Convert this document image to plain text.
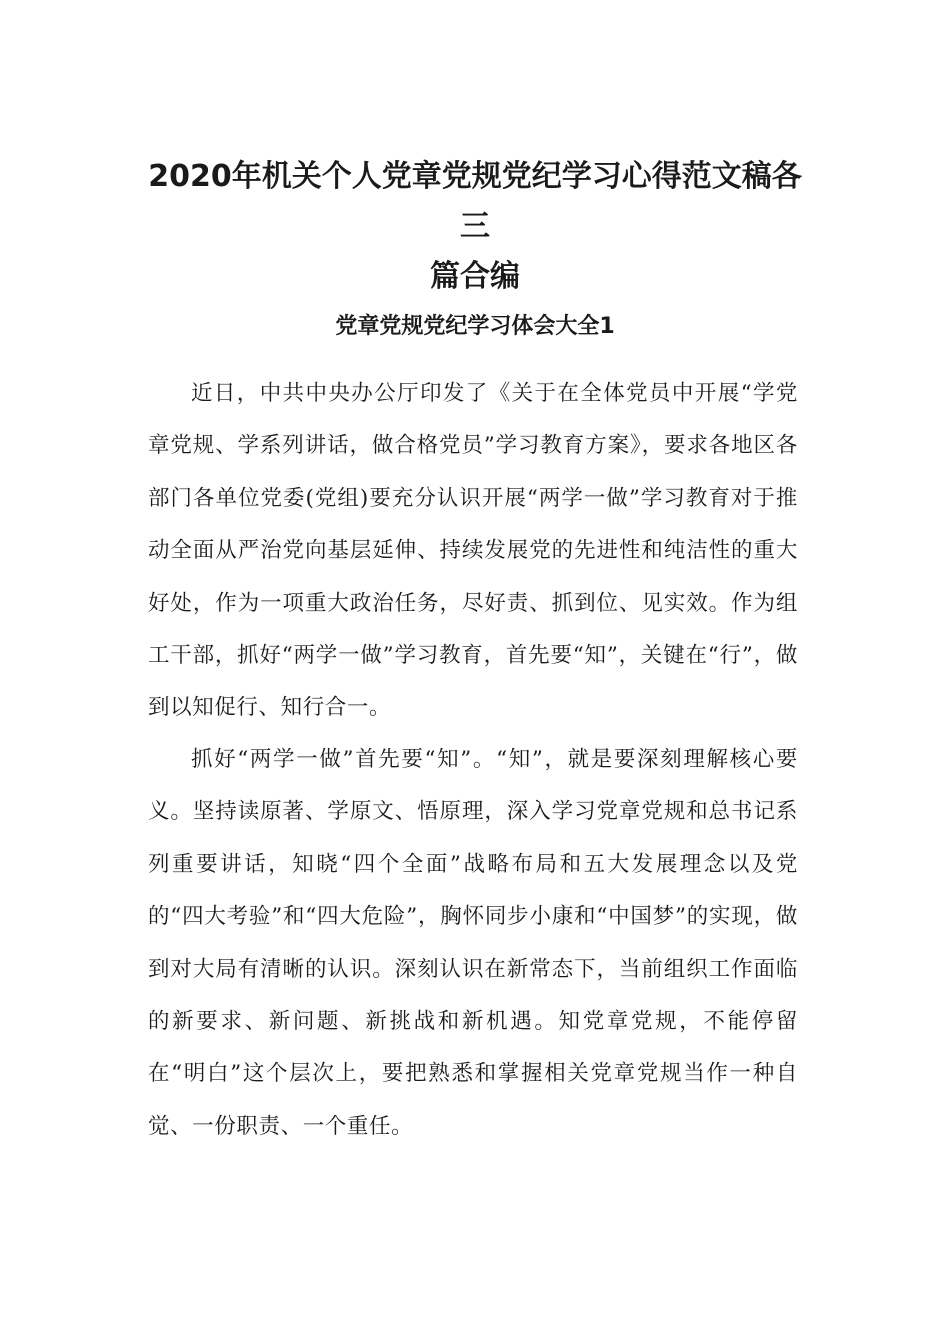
2020年机关个人党章党规党纪学习心得范文稿各三
篇合编
党章党规党纪学习体会大全1

近日，中共中央办公厅印发了《关于在全体党员中开展“学党章党规、学系列讲话，做合格党员”学习教育方案》，要求各地区各部门各单位党委(党组)要充分认识开展“两学一做”学习教育对于推动全面从严治党向基层延伸、持续发展党的先进性和纯洁性的重大好处，作为一项重大政治任务，尽好责、抓到位、见实效。作为组工干部，抓好“两学一做”学习教育，首先要“知”，关键在“行”，做到以知促行、知行合一。

抓好“两学一做”首先要“知”。“知”，就是要深刻理解核心要义。坚持读原著、学原文、悟原理，深入学习党章党规和总书记系列重要讲话，知晓“四个全面”战略布局和五大发展理念以及党的“四大考验”和“四大危险”，胸怀同步小康和“中国梦”的实现，做到对大局有清晰的认识。深刻认识在新常态下，当前组织工作面临的新要求、新问题、新挑战和新机遇。知党章党规，不能停留在“明白”这个层次上，要把熟悉和掌握相关党章党规当作一种自觉、一份职责、一个重任。
